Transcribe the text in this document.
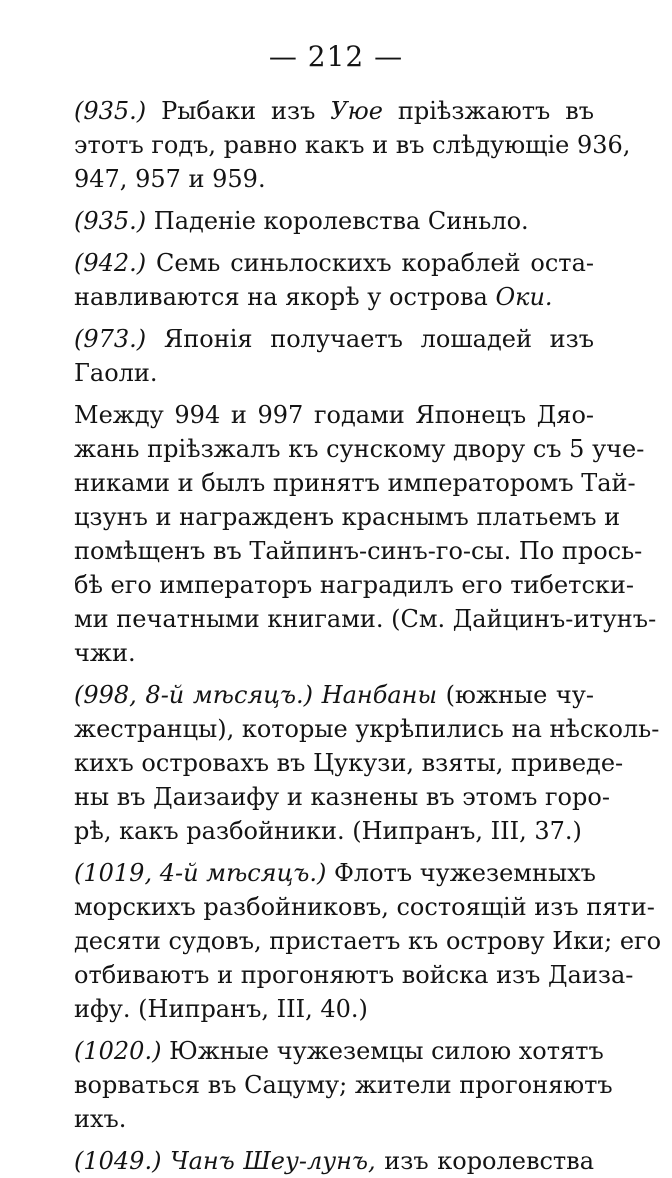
— 212 —
(935.) Рыбаки изъ Уюе пріѣзжаютъ въ
этотъ годъ, равно какъ и въ слѣдующіе 936,
947, 957 и 959.
(935.) Паденіе королевства Синьло.
(942.) Семь синьлоскихъ кораблей оста-
навливаются на якорѣ у острова Оки.
(973.) Японія получаетъ лошадей изъ
Гаоли.
Между 994 и 997 годами Японецъ Дяо-
жань пріѣзжалъ къ сунскому двору съ 5 уче-
никами и былъ принятъ императоромъ Тай-
цзунъ и награжденъ краснымъ платьемъ и
помѣщенъ въ Тайпинъ-синъ-го-сы. По прось-
бѣ его императоръ наградилъ его тибетски-
ми печатными книгами. (См. Дайцинъ-итунъ-
чжи.
(998, 8-й мѣсяцъ.) Нанбаны (южные чу-
жестранцы), которые укрѣпились на нѣсколь-
кихъ островахъ въ Цукузи, взяты, приведе-
ны въ Даизаифу и казнены въ этомъ горо-
рѣ, какъ разбойники. (Нипранъ, III, 37.)
(1019, 4-й мѣсяцъ.) Флотъ чужеземныхъ
морскихъ разбойниковъ, состоящій изъ пяти-
десяти судовъ, пристаетъ къ острову Ики; его
отбиваютъ и прогоняютъ войска изъ Даиза-
ифу. (Нипранъ, III, 40.)
(1020.) Южные чужеземцы силою хотятъ
ворваться въ Сацуму; жители прогоняютъ
ихъ.
(1049.) Чанъ Шеу-лунъ, изъ королевства
